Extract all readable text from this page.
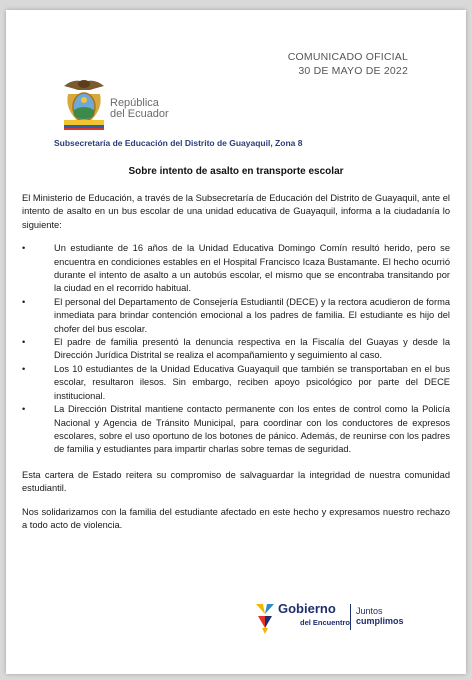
COMUNICADO OFICIAL
30 DE MAYO DE 2022
República
del Ecuador
Subsecretaría de Educación del Distrito de Guayaquil, Zona 8
Sobre intento de asalto en transporte escolar

El Ministerio de Educación, a través de la Subsecretaría de Educación del Distrito de Guayaquil, ante el intento de asalto en un bus escolar de una unidad educativa de Guayaquil, informa a la ciudadanía lo siguiente:

• Un estudiante de 16 años de la Unidad Educativa Domingo Comín resultó herido, pero se encuentra en condiciones estables en el Hospital Francisco Icaza Bustamante. El hecho ocurrió durante el intento de asalto a un autobús escolar, el mismo que se encontraba transitando por la ciudad en el recorrido habitual.
• El personal del Departamento de Consejería Estudiantil (DECE) y la rectora acudieron de forma inmediata para brindar contención emocional a los padres de familia. El estudiante es hijo del chofer del bus escolar.
• El padre de familia presentó la denuncia respectiva en la Fiscalía del Guayas y desde la Dirección Jurídica Distrital se realiza el acompañamiento y seguimiento al caso.
• Los 10 estudiantes de la Unidad Educativa Guayaquil que también se transportaban en el bus escolar, resultaron ilesos. Sin embargo, reciben apoyo psicológico por parte del DECE institucional.
• La Dirección Distrital mantiene contacto permanente con los entes de control como la Policía Nacional y Agencia de Tránsito Municipal, para coordinar con los conductores de expresos escolares, sobre el uso oportuno de los botones de pánico. Además, de reunirse con los padres de familia y estudiantes para impartir charlas sobre temas de seguridad.

Esta cartera de Estado reitera su compromiso de salvaguardar la integridad de nuestra comunidad estudiantil.

Nos solidarizamos con la familia del estudiante afectado en este hecho y expresamos nuestro rechazo a todo acto de violencia.

Gobierno
del Encuentro
Juntos
cumplimos
